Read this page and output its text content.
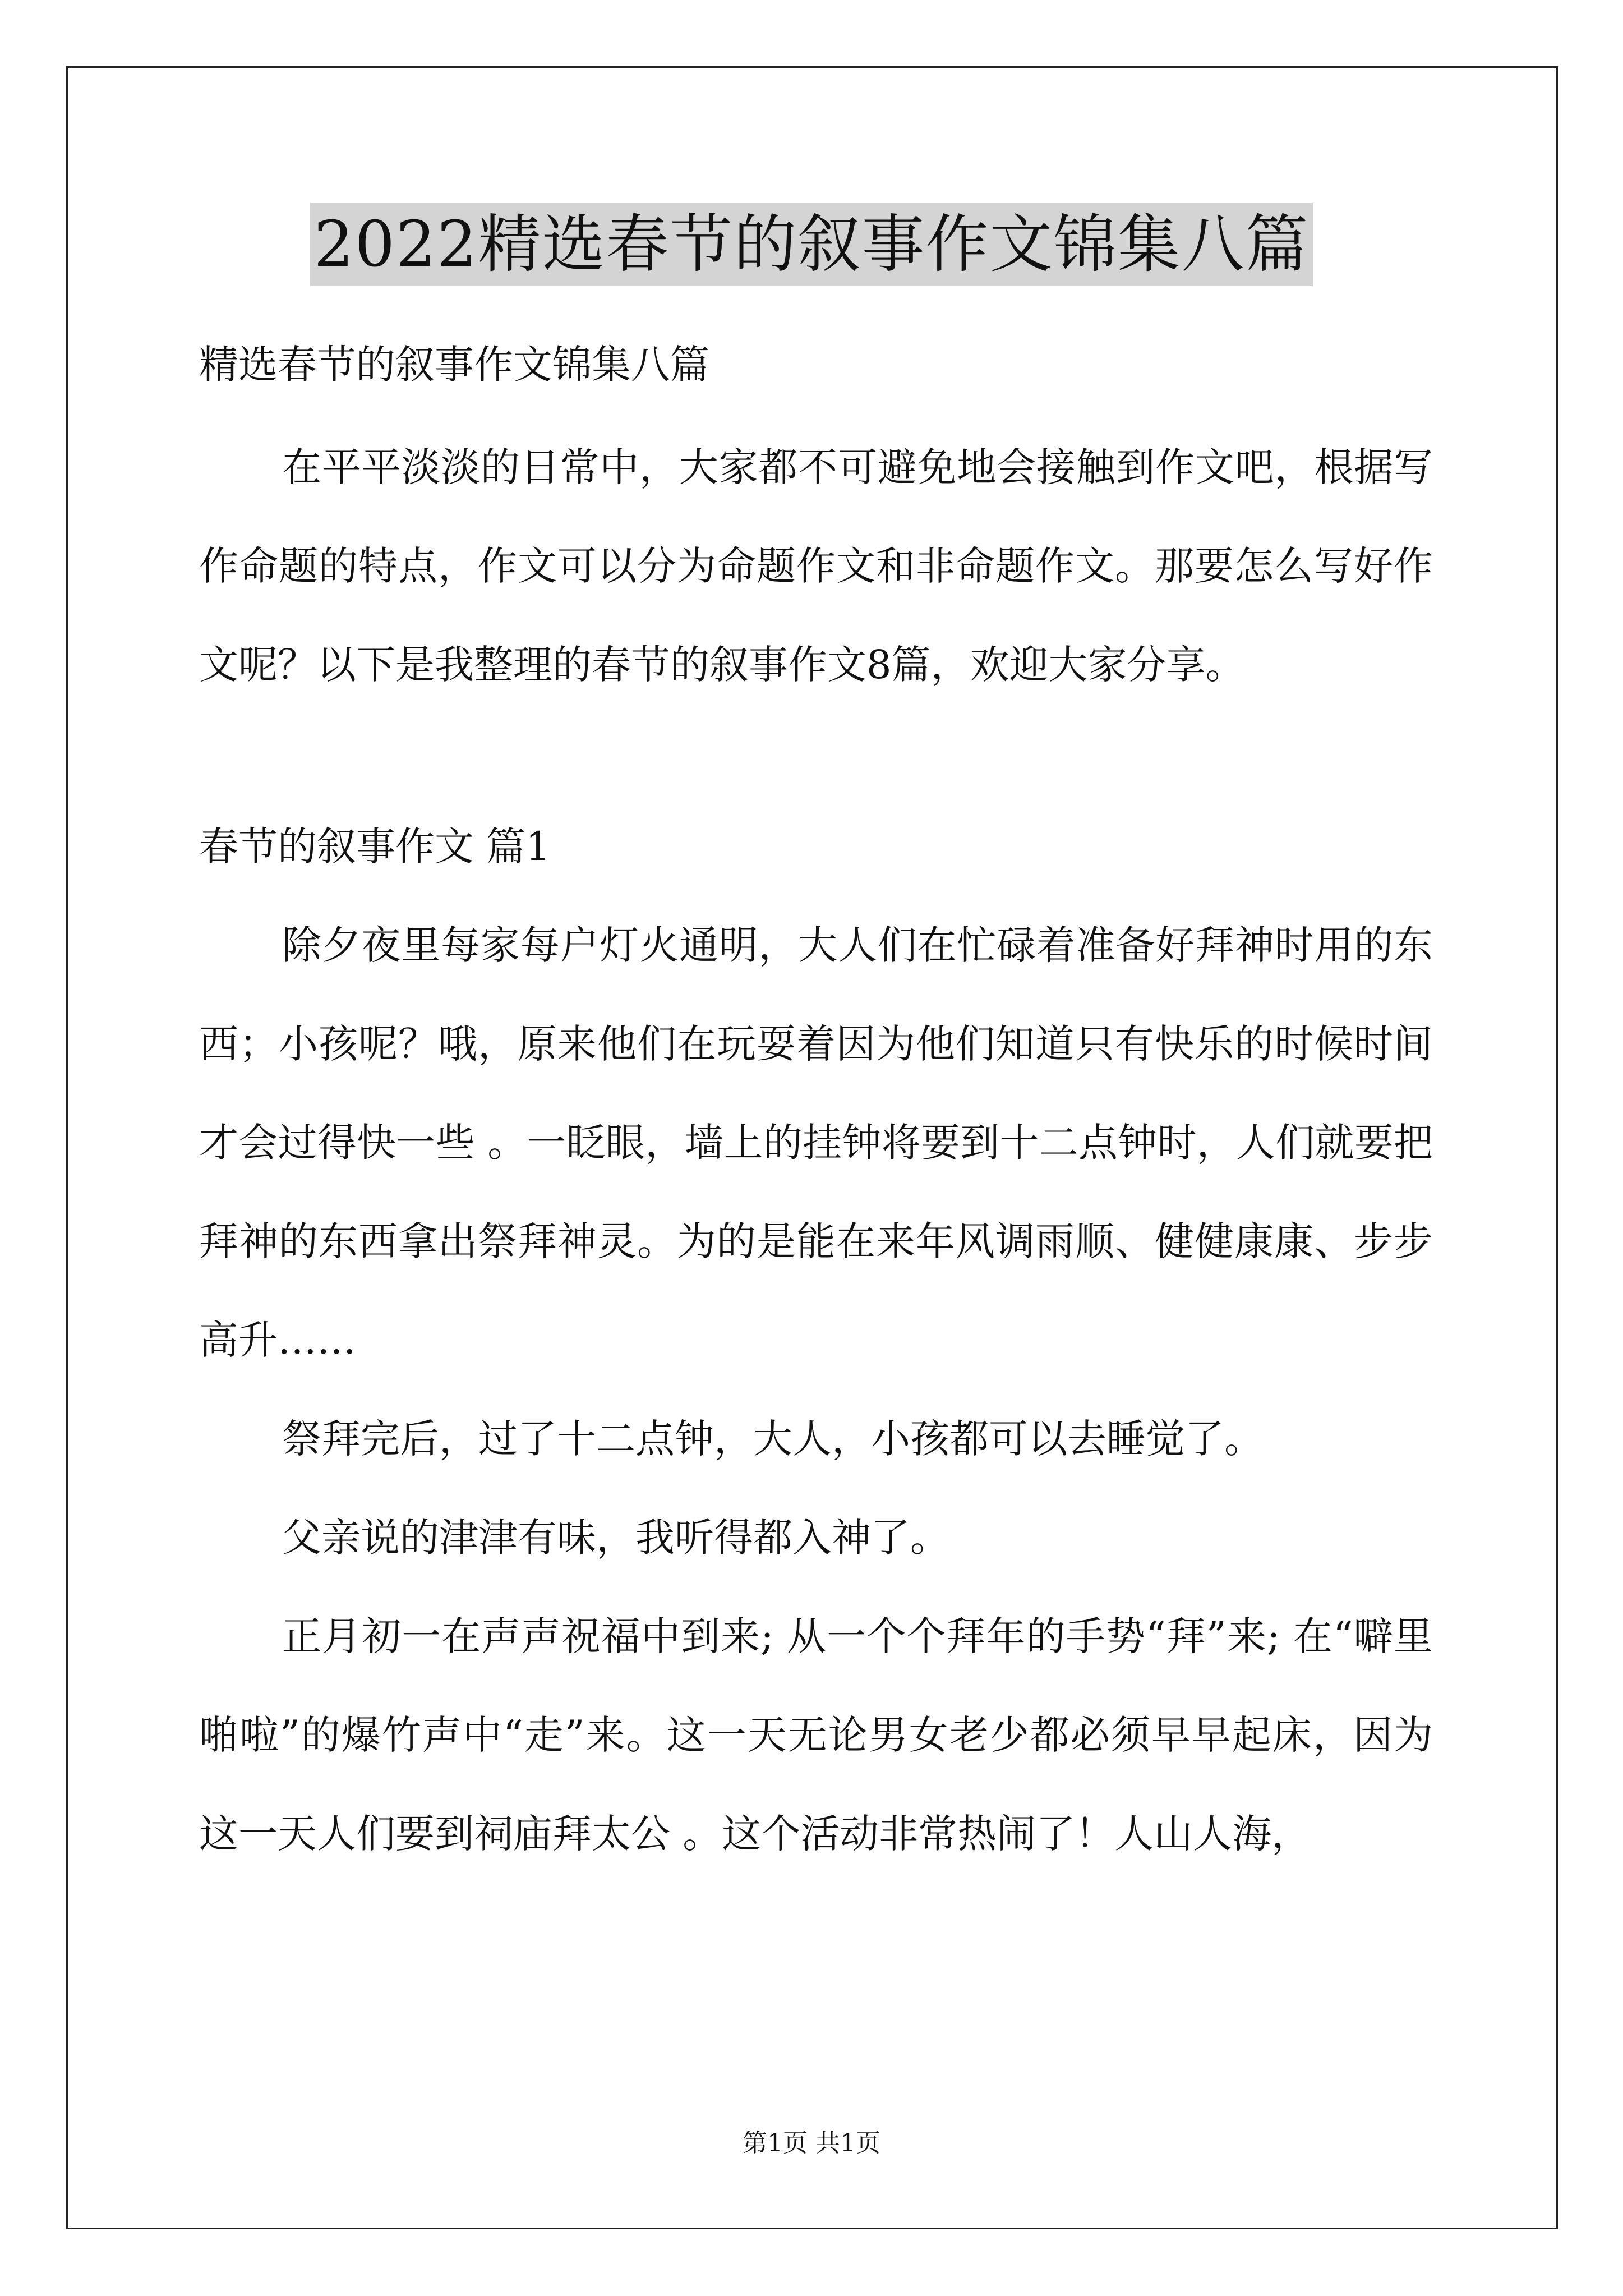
2022精选春节的叙事作文锦集八篇

精选春节的叙事作文锦集八篇

在平平淡淡的日常中，大家都不可避免地会接触到作文吧，根据写作命题的特点，作文可以分为命题作文和非命题作文。那要怎么写好作文呢？以下是我整理的春节的叙事作文8篇，欢迎大家分享。

春节的叙事作文 篇1

除夕夜里每家每户灯火通明，大人们在忙碌着准备好拜神时用的东西；小孩呢？哦，原来他们在玩耍着因为他们知道只有快乐的时候时间才会过得快一些 。一眨眼，墙上的挂钟将要到十二点钟时，人们就要把拜神的东西拿出祭拜神灵。为的是能在来年风调雨顺、健健康康、步步高升……

祭拜完后，过了十二点钟，大人，小孩都可以去睡觉了。

父亲说的津津有味，我听得都入神了。

正月初一在声声祝福中到来; 从一个个拜年的手势“拜”来; 在“噼里啪啦”的爆竹声中“走”来。这一天无论男女老少都必须早早起床，因为这一天人们要到祠庙拜太公 。这个活动非常热闹了！人山人海，

第1页 共1页
